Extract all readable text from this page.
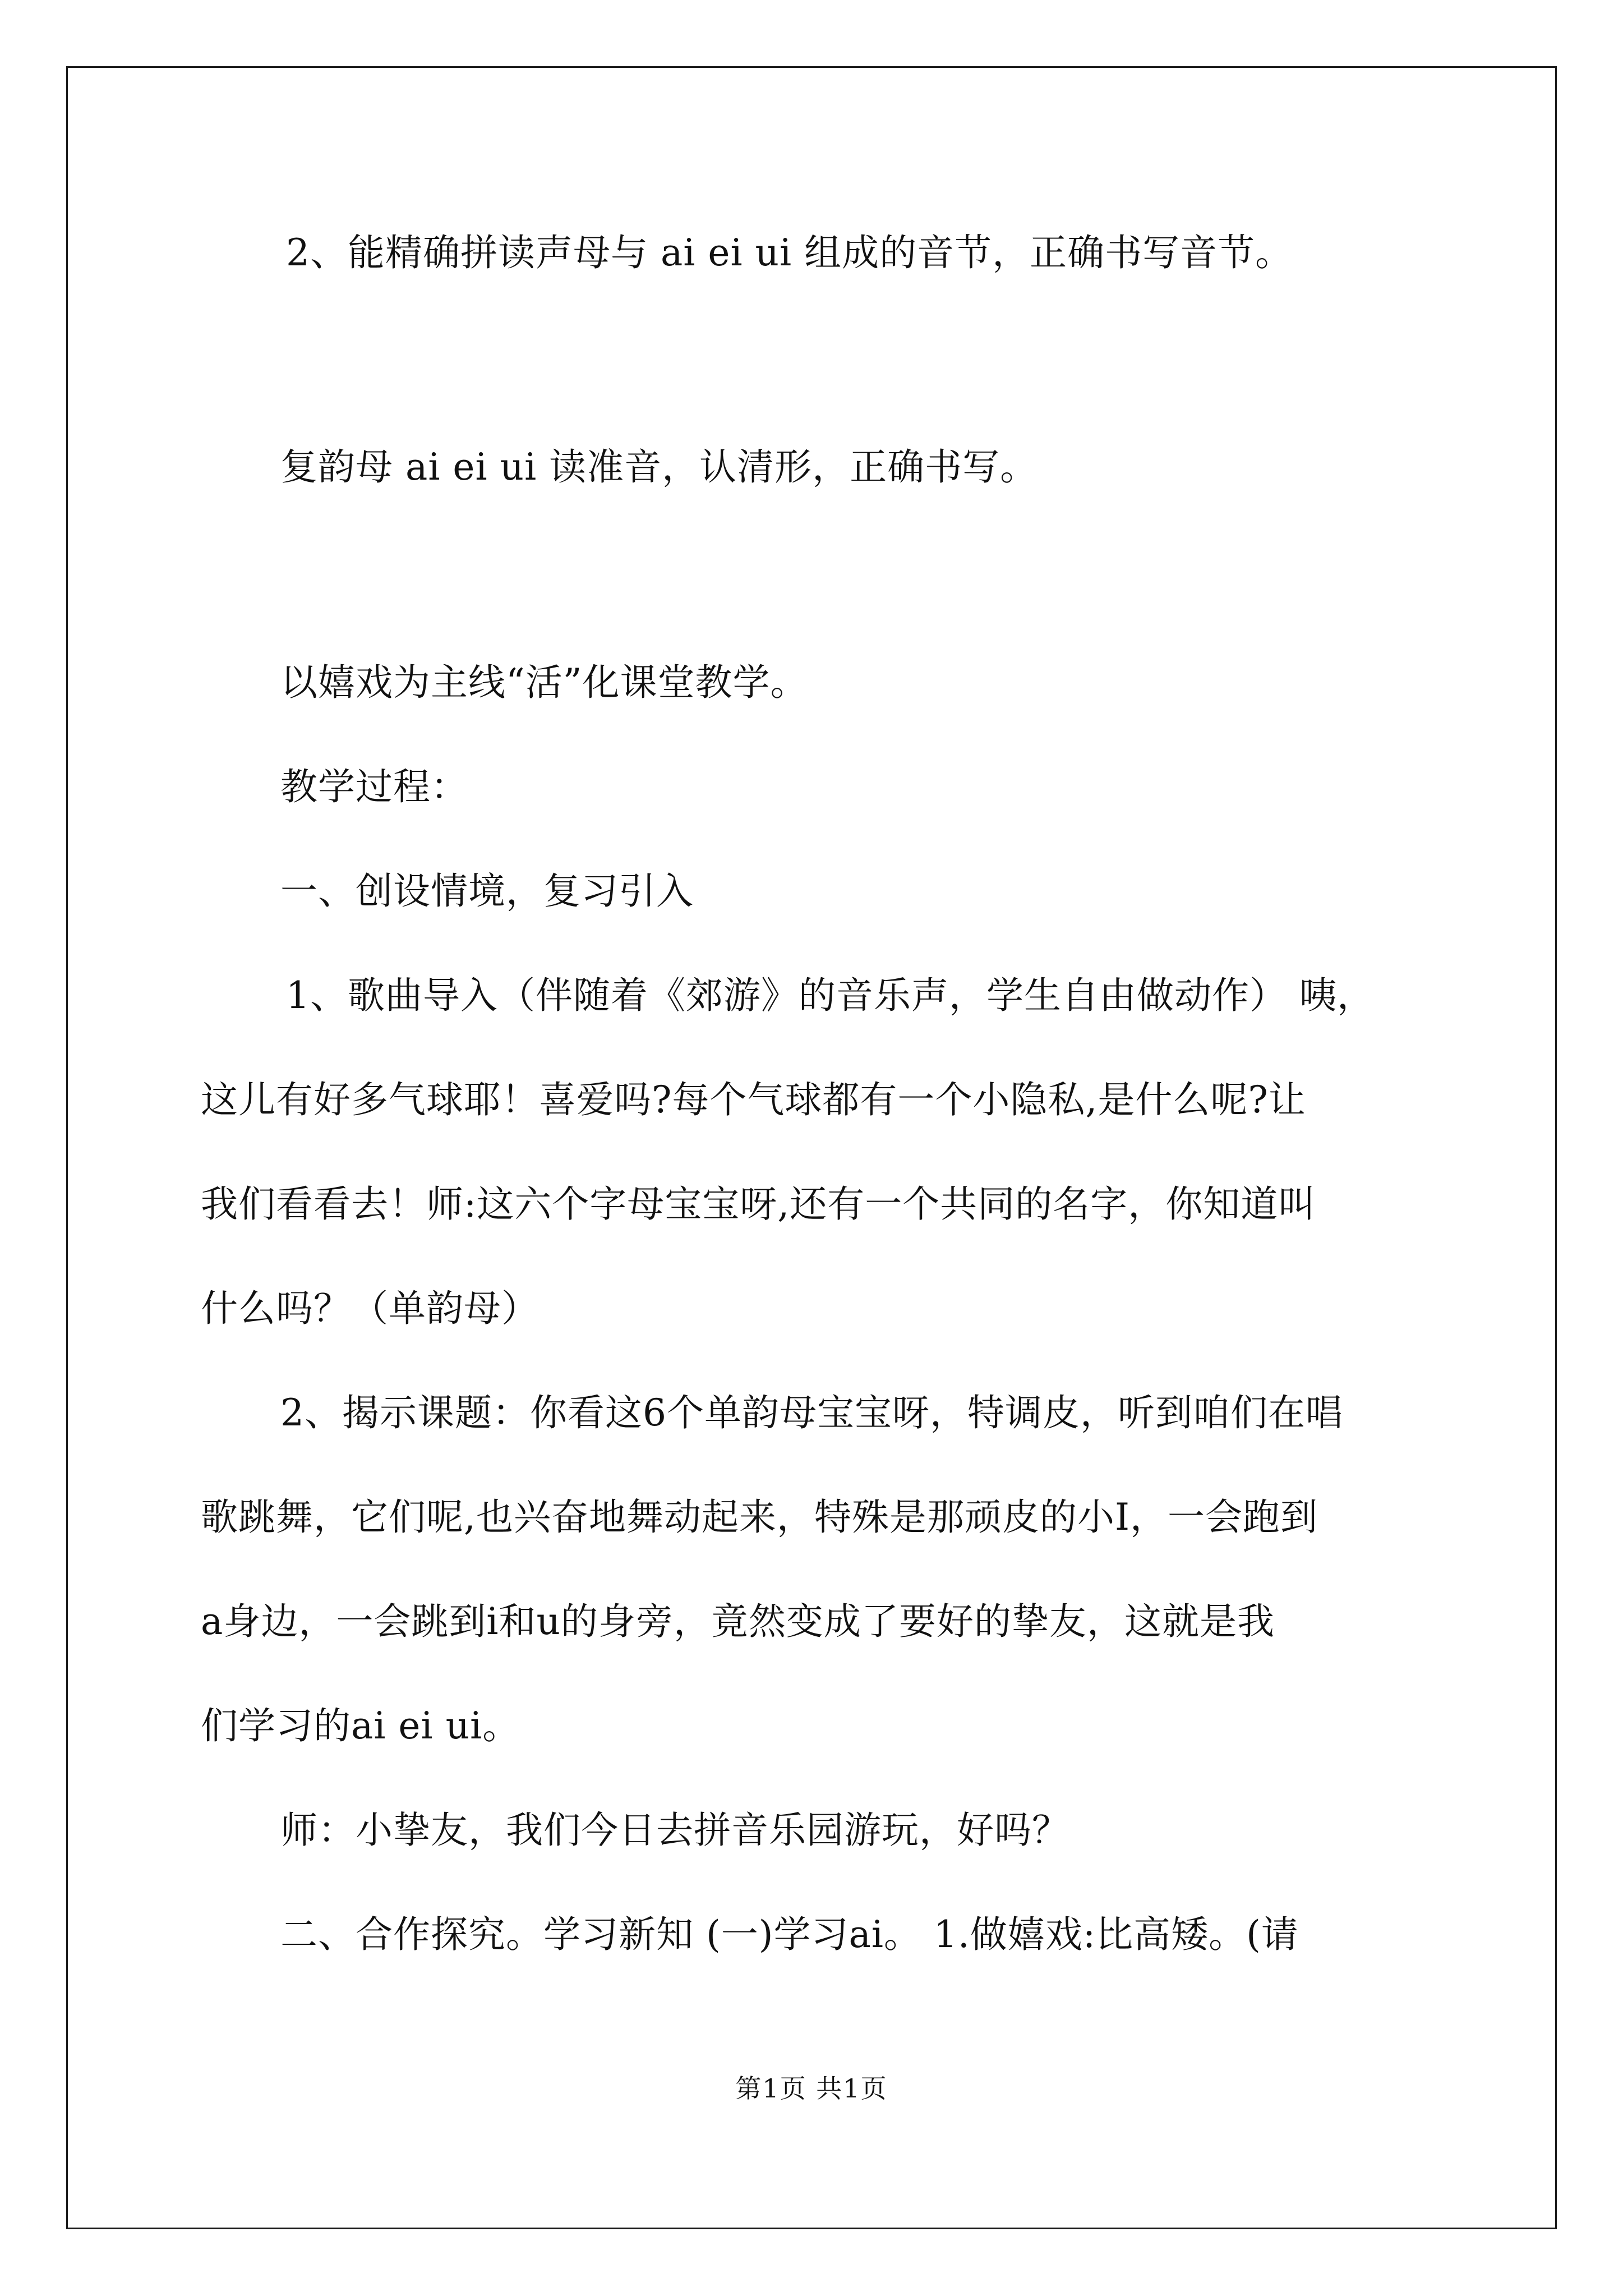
2、能精确拼读声母与 ai ei ui 组成的音节，正确书写音节。
复韵母 ai ei ui 读准音，认清形，正确书写。
以嬉戏为主线“活”化课堂教学。
教学过程：
一、创设情境，复习引入
1、歌曲导入（伴随着《郊游》的音乐声，学生自由做动作） 咦，
这儿有好多气球耶！喜爱吗?每个气球都有一个小隐私,是什么呢?让
我们看看去！师:这六个字母宝宝呀,还有一个共同的名字，你知道叫
什么吗？（单韵母）
2、揭示课题：你看这6个单韵母宝宝呀，特调皮，听到咱们在唱
歌跳舞，它们呢,也兴奋地舞动起来，特殊是那顽皮的小I，一会跑到
a身边，一会跳到i和u的身旁，竟然变成了要好的挚友，这就是我
们学习的ai ei ui。
师：小挚友，我们今日去拼音乐园游玩，好吗？
二、合作探究。学习新知 (一)学习ai。 1.做嬉戏:比高矮。(请
第1页 共1页
